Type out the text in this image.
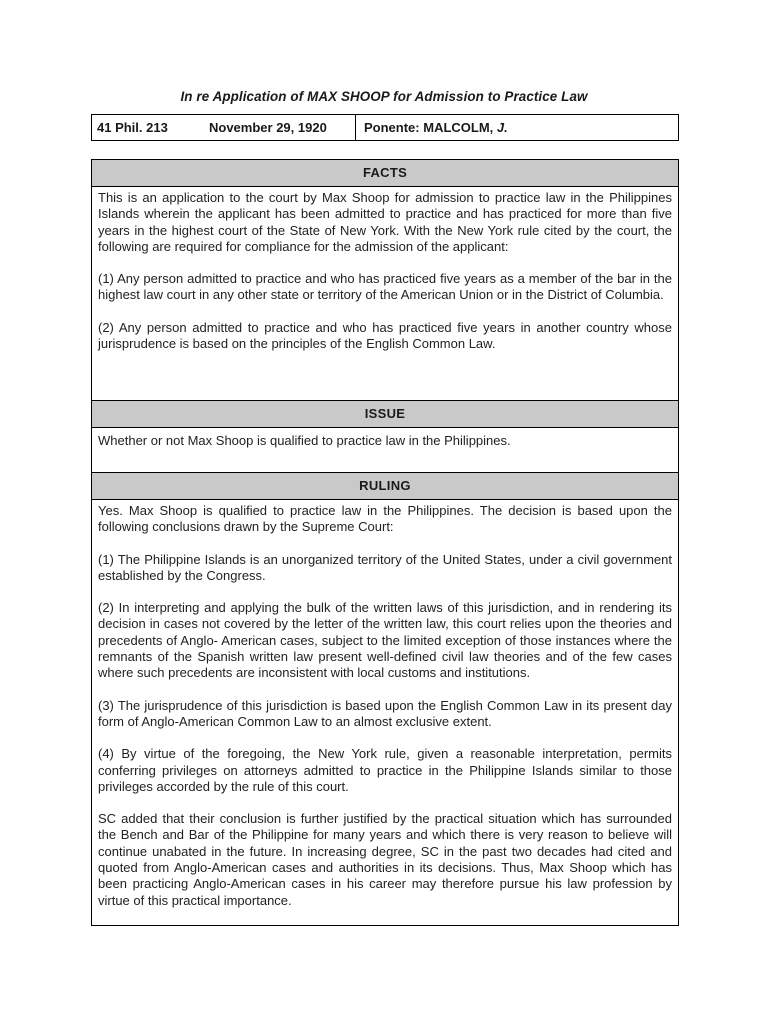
In re Application of MAX SHOOP for Admission to Practice Law
41 Phil. 213	November 29, 1920	Ponente: MALCOLM, J.
FACTS

This is an application to the court by Max Shoop for admission to practice law in the Philippines Islands wherein the applicant has been admitted to practice and has practiced for more than five years in the highest court of the State of New York. With the New York rule cited by the court, the following are required for compliance for the admission of the applicant:

(1) Any person admitted to practice and who has practiced five years as a member of the bar in the highest law court in any other state or territory of the American Union or in the District of Columbia.

(2) Any person admitted to practice and who has practiced five years in another country whose jurisprudence is based on the principles of the English Common Law.

ISSUE

Whether or not Max Shoop is qualified to practice law in the Philippines.

RULING

Yes. Max Shoop is qualified to practice law in the Philippines. The decision is based upon the following conclusions drawn by the Supreme Court:

(1) The Philippine Islands is an unorganized territory of the United States, under a civil government established by the Congress.

(2) In interpreting and applying the bulk of the written laws of this jurisdiction, and in rendering its decision in cases not covered by the letter of the written law, this court relies upon the theories and precedents of Anglo- American cases, subject to the limited exception of those instances where the remnants of the Spanish written law present well-defined civil law theories and of the few cases where such precedents are inconsistent with local customs and institutions.

(3) The jurisprudence of this jurisdiction is based upon the English Common Law in its present day form of Anglo-American Common Law to an almost exclusive extent.

(4) By virtue of the foregoing, the New York rule, given a reasonable interpretation, permits conferring privileges on attorneys admitted to practice in the Philippine Islands similar to those privileges accorded by the rule of this court.

SC added that their conclusion is further justified by the practical situation which has surrounded the Bench and Bar of the Philippine for many years and which there is very reason to believe will continue unabated in the future. In increasing degree, SC in the past two decades had cited and quoted from Anglo-American cases and authorities in its decisions. Thus, Max Shoop which has been practicing Anglo-American cases in his career may therefore pursue his law profession by virtue of this practical importance.
